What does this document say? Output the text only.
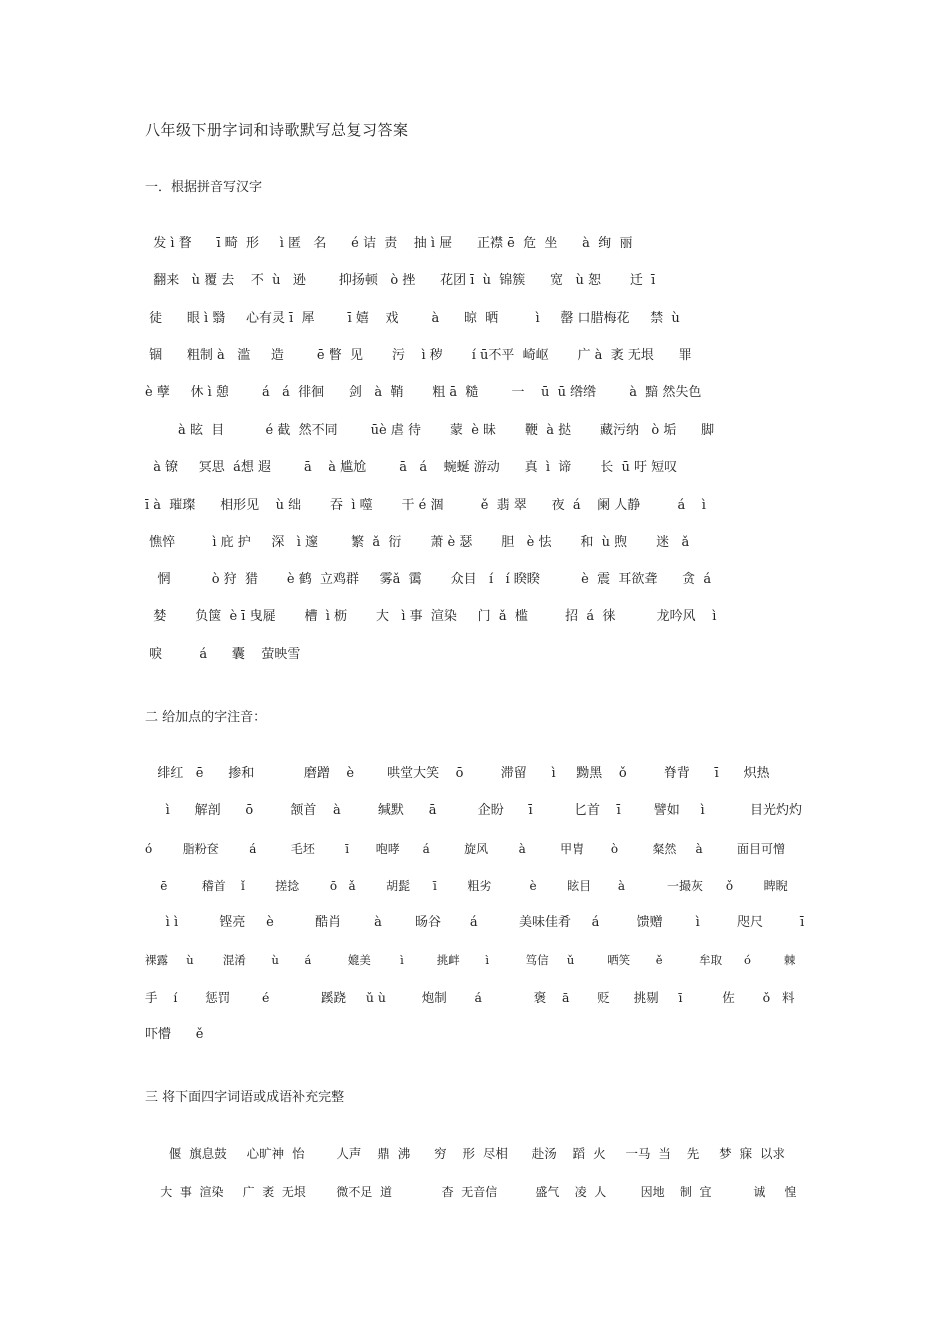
八年级下册字词和诗歌默写总复习答案
一．根据拼音写汉字
发 ì 瞀      ī 畸  形     ì 匿   名      é 诘  责    抽 ì 屉      正襟 ē  危  坐      à  绚  丽
翻来   ù 覆 去    不  ù   逊        抑扬顿   ò 挫      花团 ī  ù  锦簇      宽   ù 恕       迁  ī
徒      眼 ì 翳     心有灵 ī  犀        ī 嬉    戏        à      晾  晒         ì     罄 口腊梅花     禁  ù
锢      粗制 à   滥     造        ē 瞥  见       污    ì 秽       í ū不平  崎岖       广 à  袤 无垠      罪
è 孽     休 ì 憩        á   á  徘徊      剑   à  鞘       粗 ā  糙        一    ū  ū 绺绺        à  黯 然失色
à 眩  目          é 截  然不同        ūè 虐 待       蒙  è 昧       鞭  à 挞       藏污纳   ò 垢      脚
à 镣     冥思  á想 遐        ā    à 尴尬        ā   á    蜿蜒 游动      真  ì  谛       长  ū 吁 短叹
ī à  璀璨      相形见    ù 绌       吞  ì 噬       干 é 涸         ě  翡 翠      夜  á    阑 人静         á    ì
憔悴         ì 庇 护     深   ì 邃        繁  ǎ  衍       萧 è 瑟       胆   è 怯       和  ù 煦       迷   ǎ
惘          ò 狩  猎       è 鹤  立鸡群     雾ǎ  霭       众目   í   í 睽睽          è  震  耳欲聋      贪  á
婪       负箧  è ī 曳屣       槽  ì 枥       大   ì 事  渲染     门  ǎ  槛         招  á  徕          龙吟风    ì
唳         á      囊    萤映雪
二 给加点的字注音：
绯红   ē      掺和            磨蹭    è        哄堂大笑    ō         滞留      ì     黝黑    ǒ         脊背      ī      炽热
ì      解剖      ō         颔首    à         缄默      ā          企盼      ī          匕首    ī        譬如     ì           目光灼灼
ó        脂粉奁        á         毛坯        ī       咆哮      á         旋风        à         甲胄       ò         粲然     à         面目可憎
ē         稽首    ǐ        搓捻        ō   ǎ        胡髭      ī        粗劣          è        眩目       à           一撮灰      ǒ        睥睨
ì ì          铿亮     è          酷肖        à        旸谷       á          美味佳肴     á         馈赠        ì         咫尺         ī
裸露     ù        混淆       ù       á          媲美        ì         挑衅       ì          笃信     ǔ         哂笑       ě          牟取      ó         棘
手    í       惩罚        é             蹊跷     ǔ ù         炮制       á             褒    ā       贬      挑剔     ī          佐       ǒ   料
吓懵      ě
三 将下面四字词语或成语补充完整
偃  旗息鼓     心旷神  怡        人声    鼎  沸      穷    形  尽相      赴汤    蹈  火     一马  当    先     梦  寐  以求
大  事  渲染     广  袤  无垠        微不足  道             杳  无音信          盛气    凌  人         因地    制  宜           诚     惶
